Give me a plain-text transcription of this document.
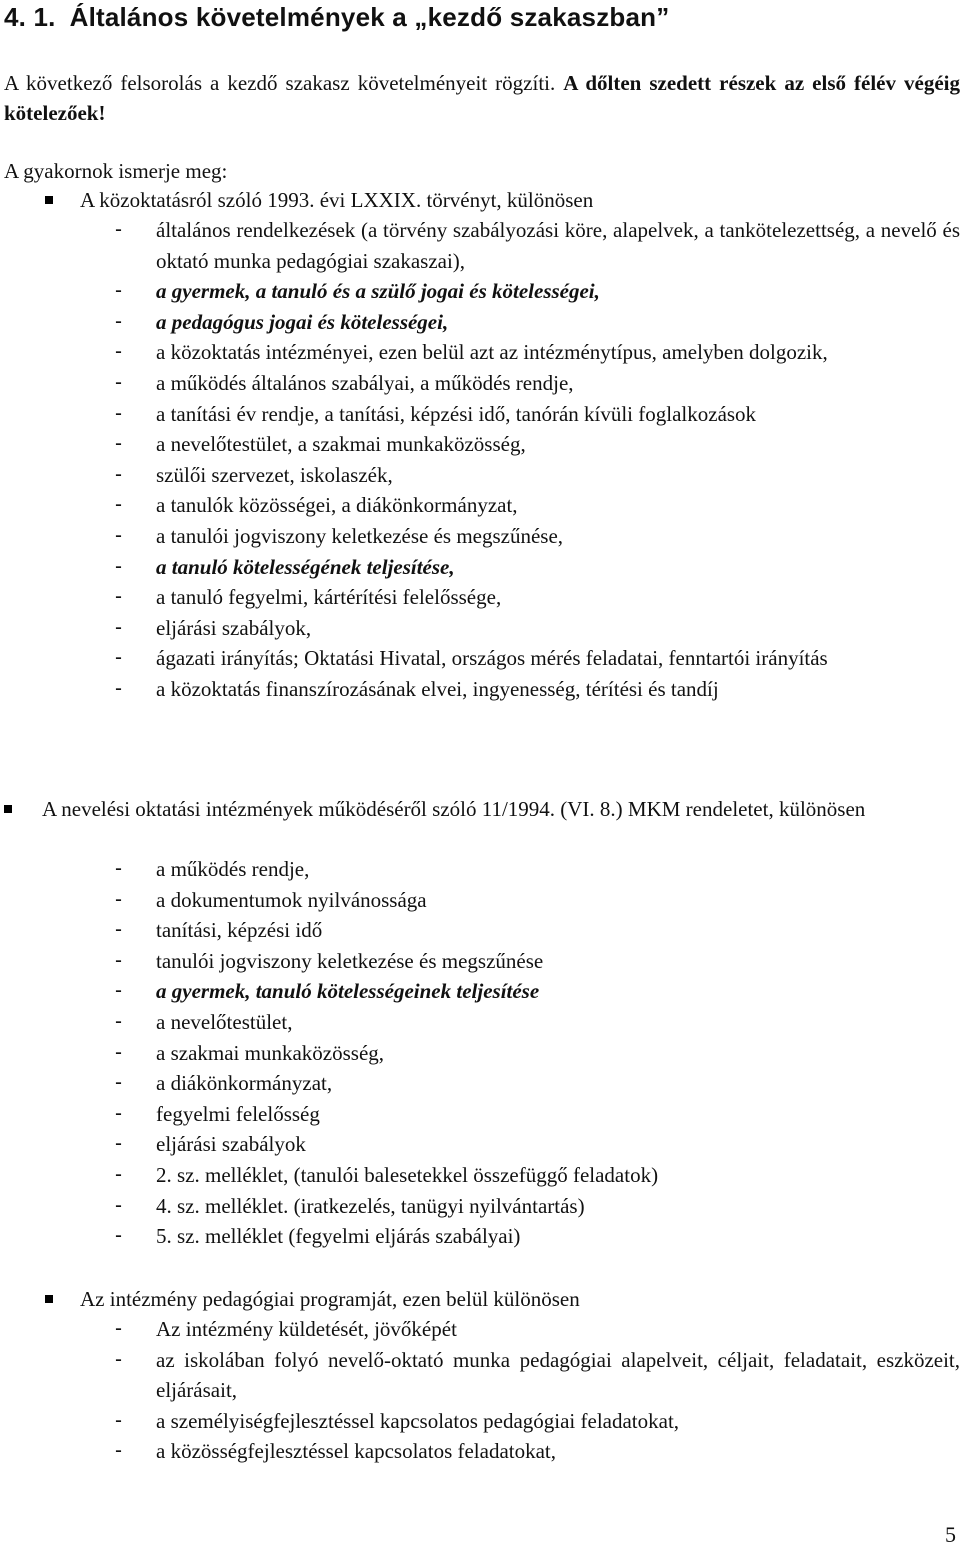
4. 1. Általános követelmények a „kezdő szakaszban”
A következő felsorolás a kezdő szakasz követelményeit rögzíti. A dőlten szedett részek az első félév végéig kötelezőek!
A gyakornok ismerje meg:
A közoktatásról szóló 1993. évi LXXIX. törvényt, különösen
- általános rendelkezések (a törvény szabályozási köre, alapelvek, a tankötelezettség, a nevelő és oktató munka pedagógiai szakaszai),
- a gyermek, a tanuló és a szülő jogai és kötelességei,
- a pedagógus jogai és kötelességei,
- a közoktatás intézményei, ezen belül azt az intézménytípus, amelyben dolgozik,
- a működés általános szabályai, a működés rendje,
- a tanítási év rendje, a tanítási, képzési idő, tanórán kívüli foglalkozások
- a nevelőtestület, a szakmai munkaközösség,
- szülői szervezet, iskolaszék,
- a tanulók közösségei, a diákönkormányzat,
- a tanulói jogviszony keletkezése és megszűnése,
- a tanuló kötelességének teljesítése,
- a tanuló fegyelmi, kártérítési felelőssége,
- eljárási szabályok,
- ágazati irányítás; Oktatási Hivatal, országos mérés feladatai, fenntartói irányítás
- a közoktatás finanszírozásának elvei, ingyenesség, térítési és tandíj
A nevelési oktatási intézmények működéséről szóló 11/1994. (VI. 8.) MKM rendeletet, különösen
- a működés rendje,
- a dokumentumok nyilvánossága
- tanítási, képzési idő
- tanulói jogviszony keletkezése és megszűnése
- a gyermek, tanuló kötelességeinek teljesítése
- a nevelőtestület,
- a szakmai munkaközösség,
- a diákönkormányzat,
- fegyelmi felelősség
- eljárási szabályok
- 2. sz. melléklet, (tanulói balesetekkel összefüggő feladatok)
- 4. sz. melléklet. (iratkezelés, tanügyi nyilvántartás)
- 5. sz. melléklet (fegyelmi eljárás szabályai)
Az intézmény pedagógiai programját, ezen belül különösen
- Az intézmény küldetését, jövőképét
- az iskolában folyó nevelő-oktató munka pedagógiai alapelveit, céljait, feladatait, eszközeit, eljárásait,
- a személyiségfejlesztéssel kapcsolatos pedagógiai feladatokat,
- a közösségfejlesztéssel kapcsolatos feladatokat,
5
